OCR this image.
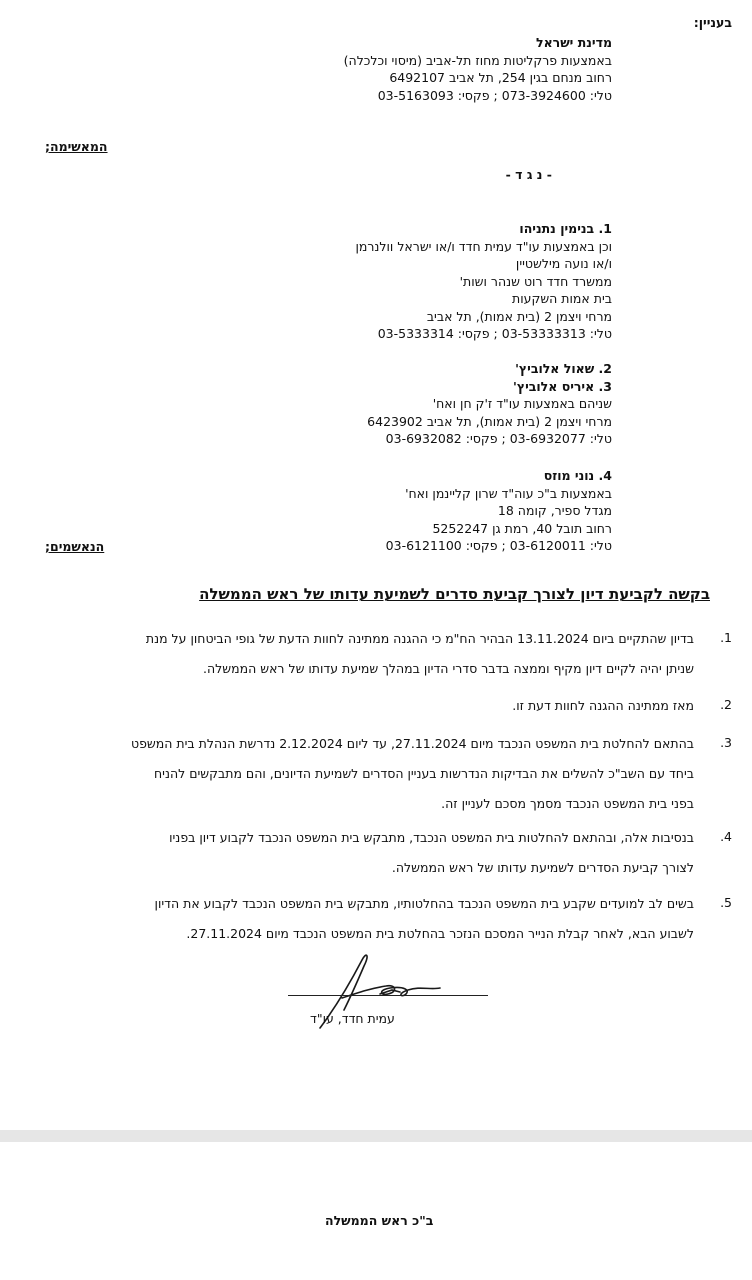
בעניין:
מדינת ישראל
באמצעות פרקליטות מחוז תל-אביב (מיסוי וכלכלה)
רחוב מנחם בגין 254, תל אביב 6492107
טלי: 073-3924600 ; פקסי: 03-5163093
המאשימה;
- נ ג ד -
1. בנימין נתניהו
וכן באמצעות עו"ד עמית חדד ו/או ישראל וולנרמן
ו/או נועה מילשטיין
ממשרד חדד רוט שנהר ושות'
בית אמות השקעות
מרחי ויצמן 2 (בית אמות), תל אביב
טלי: 03-53333313 ; פקסי: 03-5333314
2. שאול אלוביץ'
3. איריס אלוביץ'
שניהם באמצעות עו"ד ז'ק חן ואח'
מרחי ויצמן 2 (בית אמות), תל אביב 6423902
טלי: 03-6932077 ; פקסי: 03-6932082
4. נוני מוזס
באמצעות ב"כ עוה"ד שרון קליינמן ואח'
מגדל ספיר, קומה 18
רחוב תובל 40, רמת גן 5252247
טלי: 03-6120011 ; פקסי: 03-6121100
הנאשמים;
בקשה לקביעת דיון לצורך קביעת סדרים לשמיעת עדותו של ראש הממשלה
1.
בדיון שהתקיים ביום 13.11.2024 הבהיר הח"מ כי ההגנה ממתינה לחוות הדעת של גופי הביטחון על מנת
שניתן יהיה לקיים דיון מקיף וממצה בדבר סדרי הדיון במהלך שמיעת עדותו של ראש הממשלה.
2.
מאז ממתינה ההגנה לחוות דעת זו.
3.
בהתאם להחלטת בית המשפט הנכבד מיום 27.11.2024, עד ליום 2.12.2024 נדרשת הנהלת בית המשפט
ביחד עם השב"כ להשלים את הבדיקות הנדרשות בעניין הסדרים לשמיעת הדיונים, והם מתבקשים להניח
בפני בית המשפט הנכבד מסמך מסכם לעניין זה.
4.
בנסיבות אלה, ובהתאם להחלטות בית המשפט הנכבד, מתבקש בית המשפט הנכבד לקבוע דיון בפניו
לצורך קביעת הסדרים לשמיעת עדותו של ראש הממשלה.
5.
בשים לב למועדים שקבע בית המשפט הנכבד בהחלטותיו, מתבקש בית המשפט הנכבד לקבוע את הדיון
לשבוע הבא, לאחר קבלת הנייר המסכם הנזכר בהחלטת בית המשפט הנכבד מיום 27.11.2024.
עמית חדד, עו"ד
ב"כ ראש הממשלה
